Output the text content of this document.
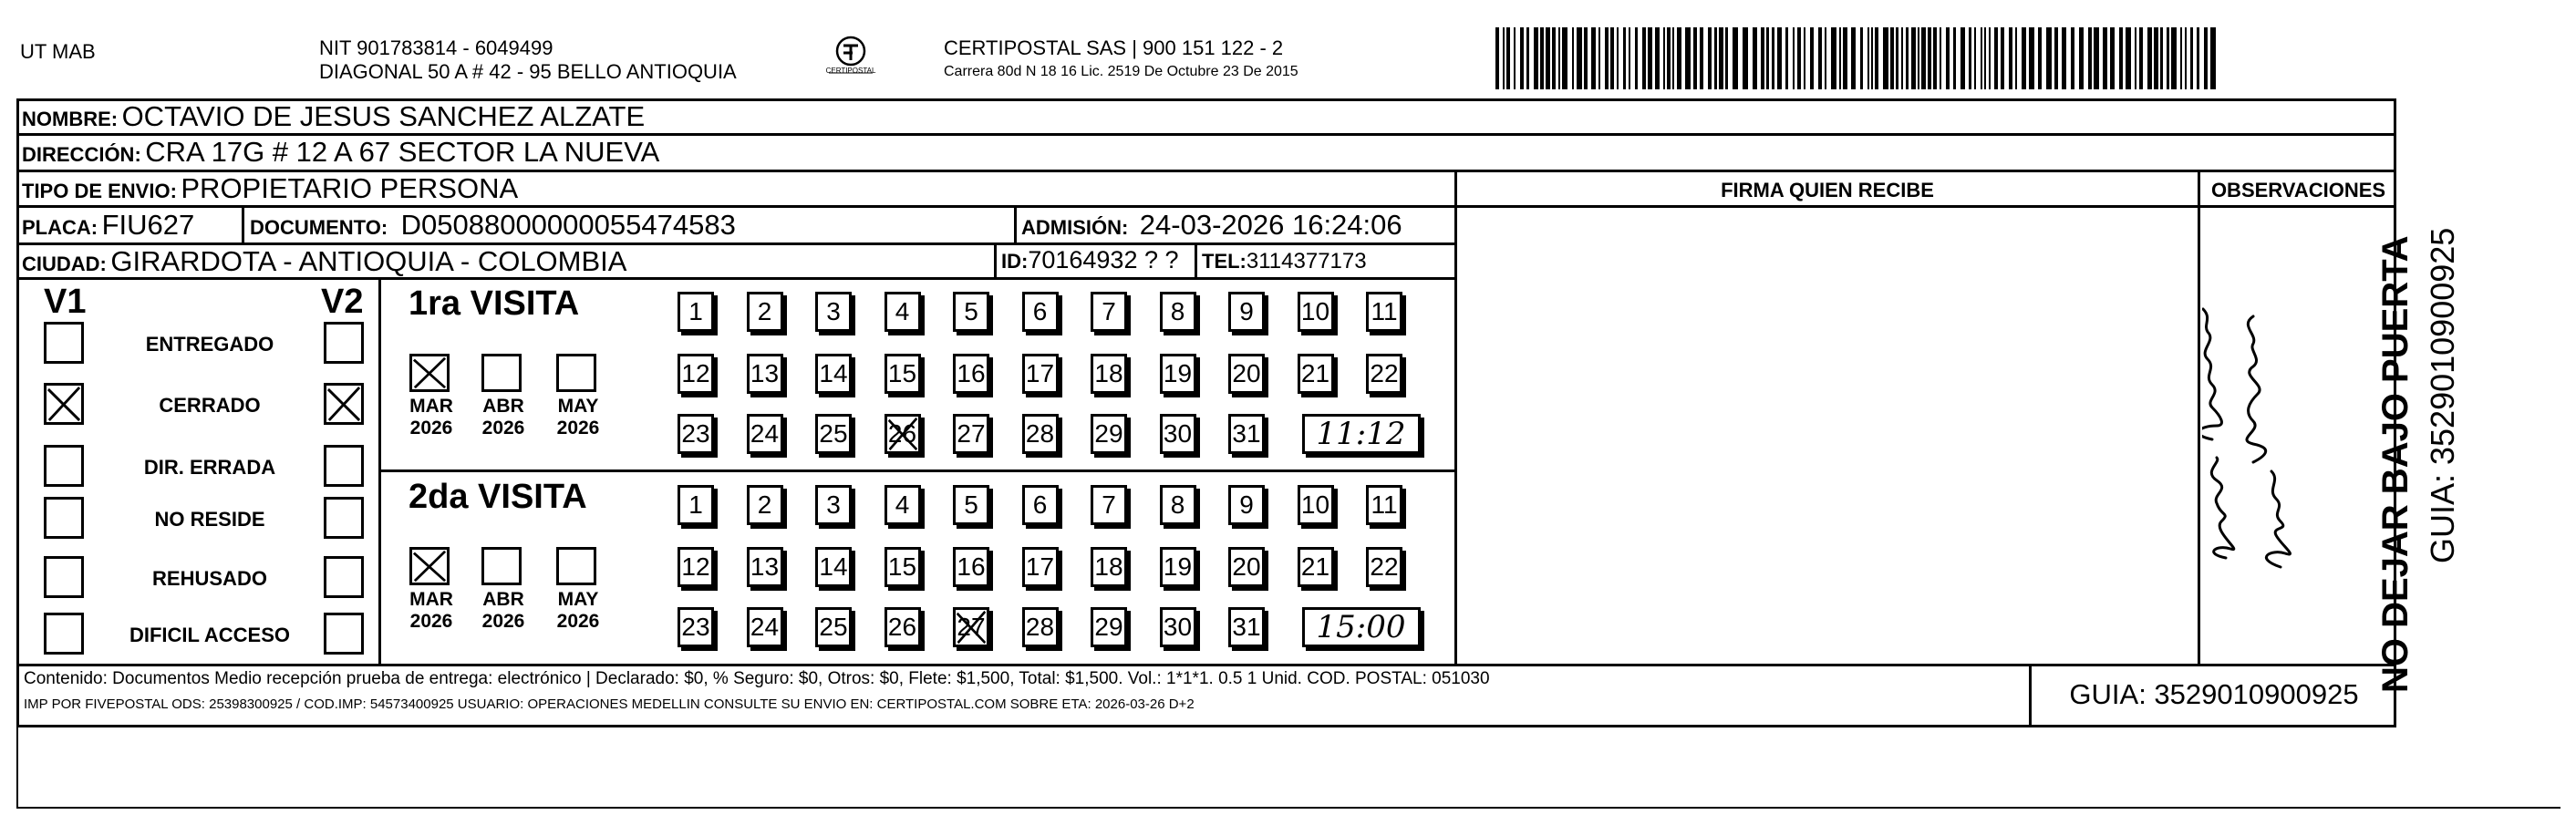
UT MAB	NIT 901783814 - 6049499
DIAGONAL 50 A # 42 - 95 BELLO ANTIOQUIA	CERTIPOSTAL
CERTIPOSTAL SAS | 900 151 122 - 2
Carrera 80d N 18 16 Lic. 2519 De Octubre 23 De 2015
NOMBRE: OCTAVIO DE JESUS SANCHEZ ALZATE
DIRECCIÓN: CRA 17G # 12 A 67 SECTOR LA NUEVA
TIPO DE ENVIO: PROPIETARIO PERSONA	FIRMA QUIEN RECIBE	OBSERVACIONES
PLACA: FIU627	DOCUMENTO: D05088000000055474583	ADMISIÓN: 24-03-2026 16:24:06
CIUDAD: GIRARDOTA - ANTIOQUIA - COLOMBIA	ID:70164932 ? ? TEL:3114377173
V1	V2
ENTREGADO
CERRADO
DIR. ERRADA
NO RESIDE
REHUSADO
DIFICIL ACCESO
1ra VISITA
2da VISITA
MAR
2026
ABR
2026
MAY
2026
1	2	3	4	5	6	7	8	9	10 11
12 13 14 15 16 17 18 19 20 21 22
23 24 25 26 27 28 29 30 31	11:12
MAR
2026
ABR
2026
MAY
2026
1	2	3	4	5	6	7	8	9	10 11
12 13 14 15 16 17 18 19 20 21 22
23 24 25 26 27 28 29 30 31	15:00
Contenido: Documentos Medio recepción prueba de entrega: electrónico | Declarado: $0, % Seguro: $0, Otros: $0, Flete: $1,500, Total: $1,500. Vol.: 1*1*1. 0.5 1 Unid. COD. POSTAL: 051030
IMP POR FIVEPOSTAL ODS: 25398300925 / COD.IMP: 54573400925 USUARIO: OPERACIONES MEDELLIN CONSULTE SU ENVIO EN: CERTIPOSTAL.COM SOBRE ETA: 2026-03-26 D+2	GUIA: 3529010900925
NO DEJAR BAJO PUERTA GUIA: 3529010900925
